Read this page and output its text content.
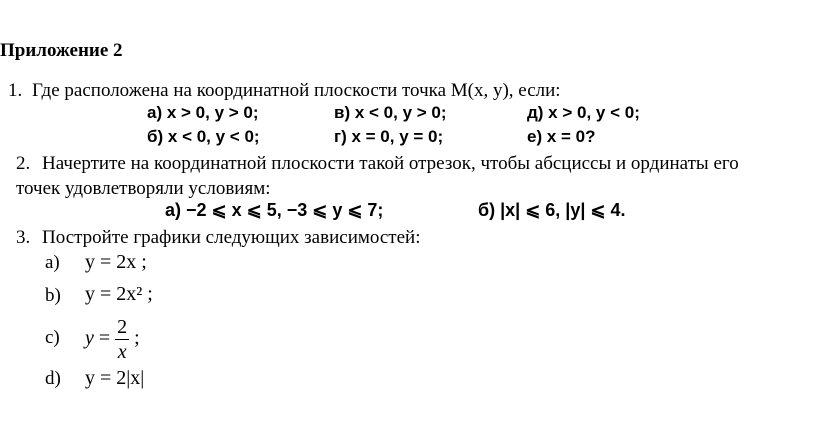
Приложение 2
1. Где расположена на координатной плоскости точка М(x, y), если:
а) x > 0, y > 0;	в) x < 0, y > 0;	д) x > 0, y < 0;
б) x < 0, y < 0;	г) x = 0, y = 0;	е) x = 0?
2. Начертите на координатной плоскости такой отрезок, чтобы абсциссы и ординаты его
точек удовлетворяли условиям:
а) −2 ⩽ x ⩽ 5, −3 ⩽ y ⩽ 7;	б) |x| ⩽ 6, |y| ⩽ 4.
3. Постройте графики следующих зависимостей:
a) y = 2x ;
b) y = 2x² ;
c) $y = \frac{2}{x}$ ;
d) y = 2|x|
